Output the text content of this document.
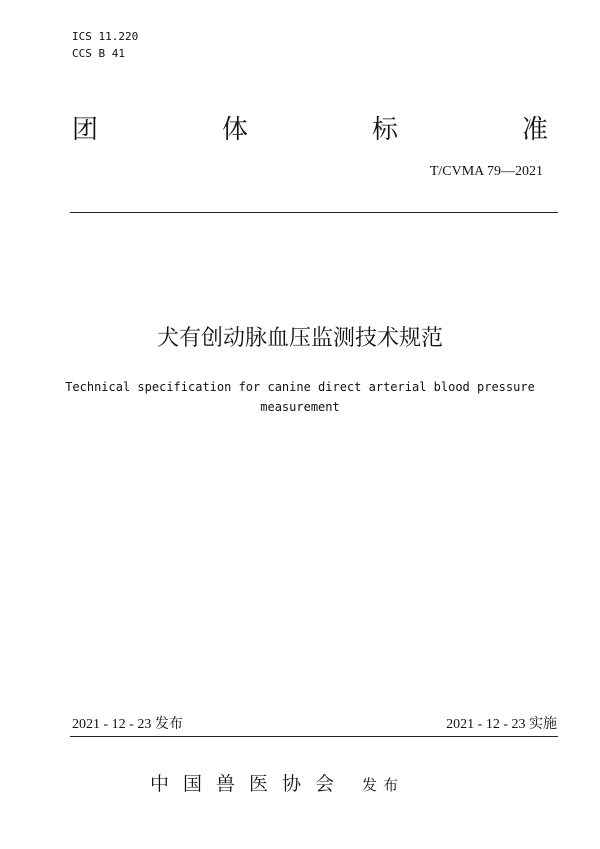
ICS 11.220
CCS B 41
团	体	标	准
T/CVMA 79—2021
犬有创动脉血压监测技术规范
Technical specification for canine direct arterial blood pressure
measurement
2021 - 12 - 23 发布	2021 - 12 - 23 实施
中国兽医协会 发布
